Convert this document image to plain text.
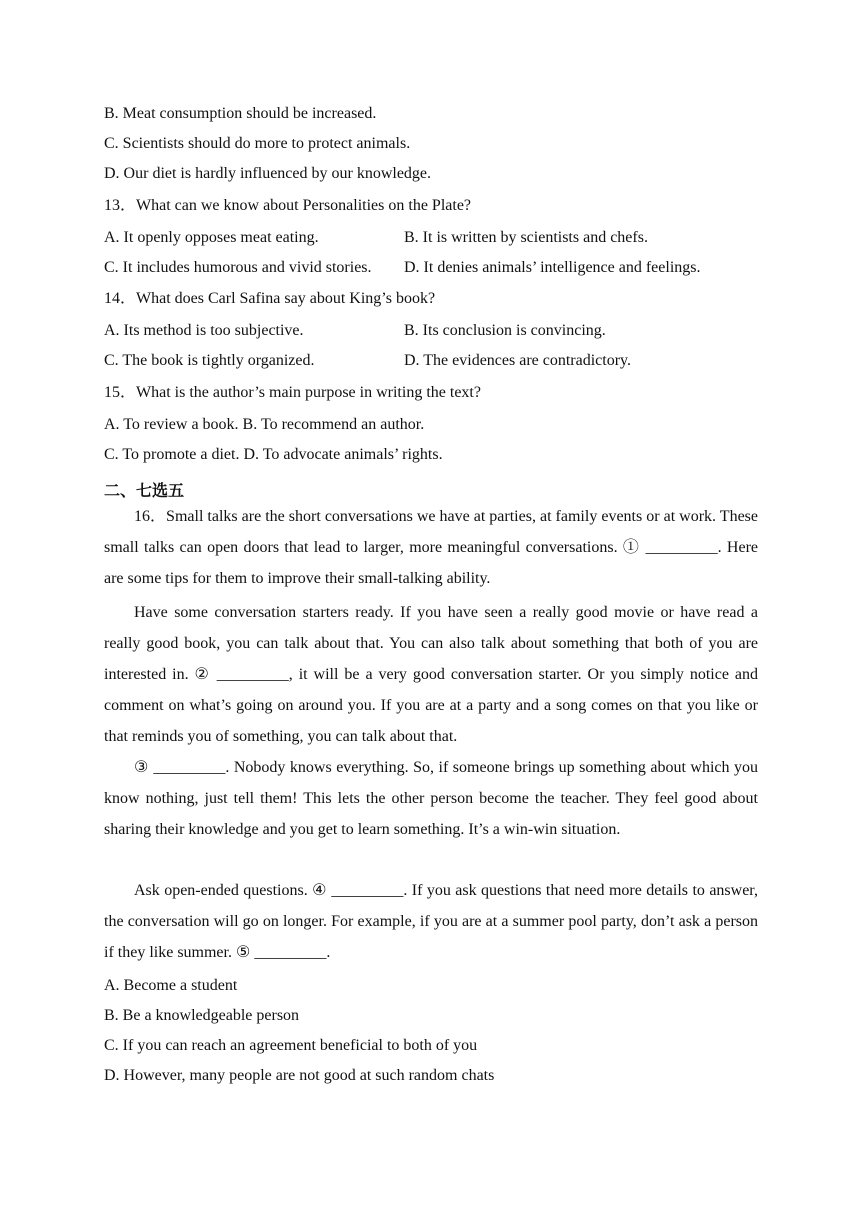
B. Meat consumption should be increased.
C. Scientists should do more to protect animals.
D. Our diet is hardly influenced by our knowledge.
13．What can we know about Personalities on the Plate?
A. It openly opposes meat eating.	B. It is written by scientists and chefs.
C. It includes humorous and vivid stories. D. It denies animals’ intelligence and feelings.
14．What does Carl Safina say about King’s book?
A. Its method is too subjective.	B. Its conclusion is convincing.
C. The book is tightly organized.	D. The evidences are contradictory.
15．What is the author’s main purpose in writing the text?
A. To review a book. B. To recommend an author.
C. To promote a diet. D. To advocate animals’ rights.
二、七选五
16．Small talks are the short conversations we have at parties, at family events or at work. These small talks can open doors that lead to larger, more meaningful conversations. ① _________. Here are some tips for them to improve their small-talking ability.
Have some conversation starters ready. If you have seen a really good movie or have read a really good book, you can talk about that. You can also talk about something that both of you are interested in. ② _________, it will be a very good conversation starter. Or you simply notice and comment on what’s going on around you. If you are at a party and a song comes on that you like or that reminds you of something, you can talk about that.
③ _________. Nobody knows everything. So, if someone brings up something about which you know nothing, just tell them! This lets the other person become the teacher. They feel good about sharing their knowledge and you get to learn something. It’s a win-win situation.
Ask open-ended questions. ④ _________. If you ask questions that need more details to answer, the conversation will go on longer. For example, if you are at a summer pool party, don’t ask a person if they like summer. ⑤ _________.
A. Become a student
B. Be a knowledgeable person
C. If you can reach an agreement beneficial to both of you
D. However, many people are not good at such random chats
